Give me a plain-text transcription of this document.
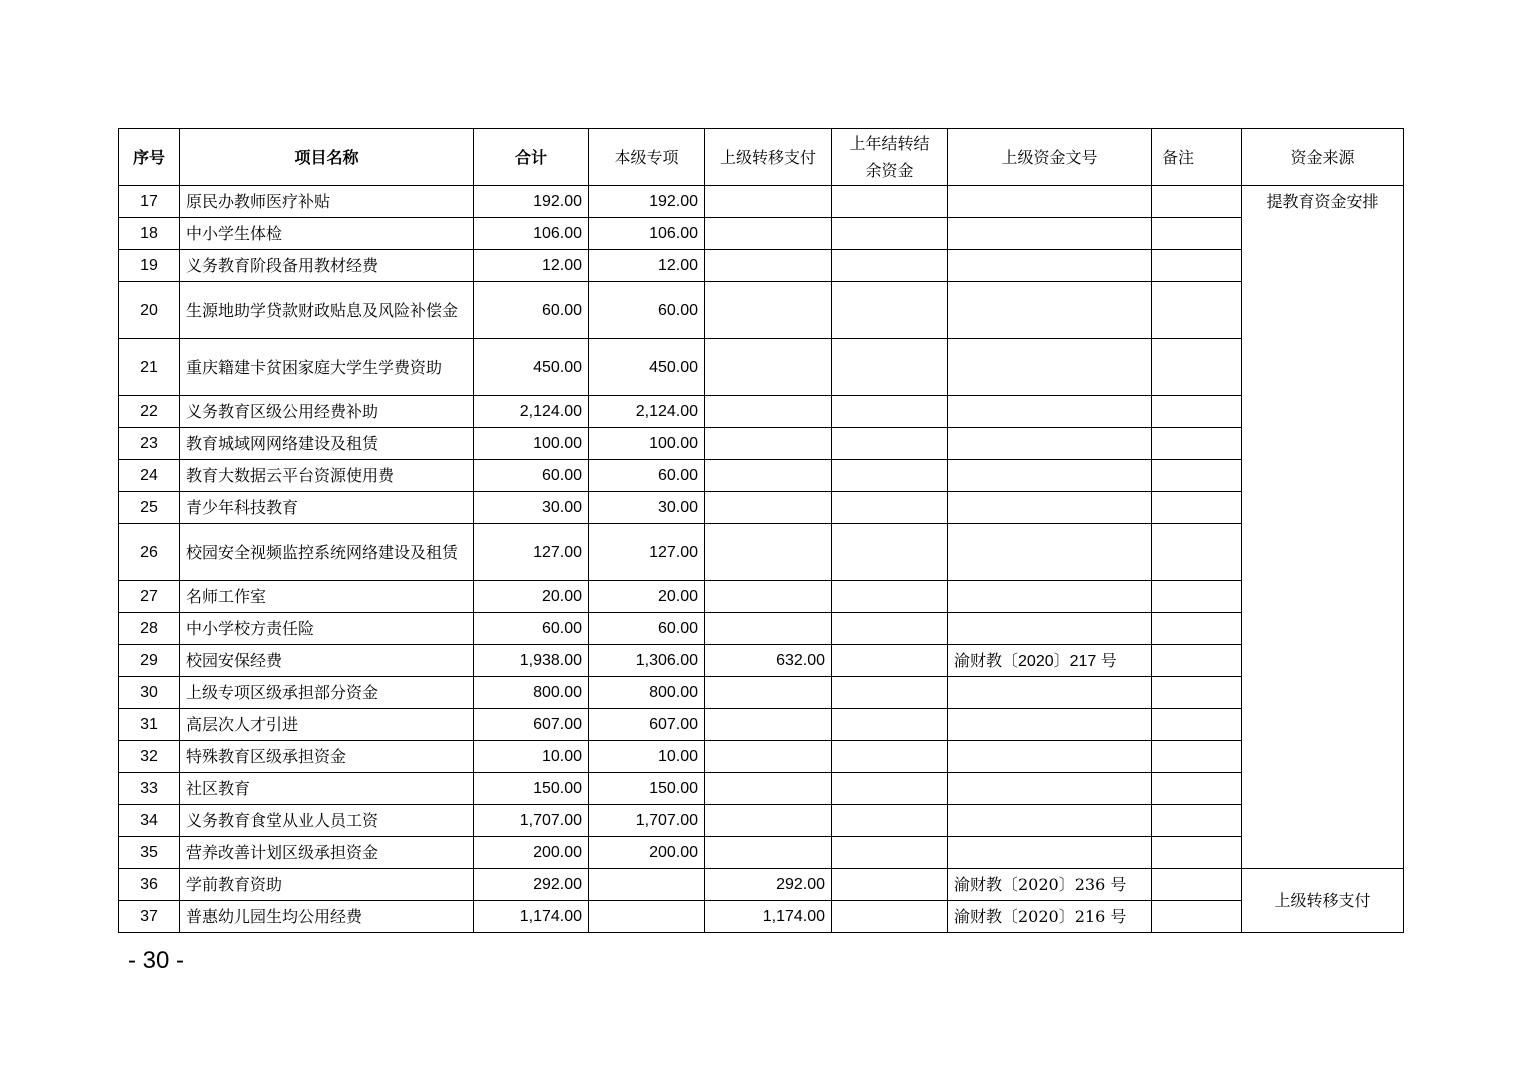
序号	项目名称	合计	本级专项	上级转移支付	上年结转结余资金	上级资金文号	备注	资金来源
17	原民办教师医疗补贴	192.00	192.00					提教育资金安排
18	中小学生体检	106.00	106.00					
19	义务教育阶段备用教材经费	12.00	12.00					
20	生源地助学贷款财政贴息及风险补偿金	60.00	60.00					
21	重庆籍建卡贫困家庭大学生学费资助	450.00	450.00					
22	义务教育区级公用经费补助	2,124.00	2,124.00					
23	教育城域网网络建设及租赁	100.00	100.00					
24	教育大数据云平台资源使用费	60.00	60.00					
25	青少年科技教育	30.00	30.00					
26	校园安全视频监控系统网络建设及租赁	127.00	127.00					
27	名师工作室	20.00	20.00					
28	中小学校方责任险	60.00	60.00					
29	校园安保经费	1,938.00	1,306.00	632.00		渝财教〔2020〕217 号		
30	上级专项区级承担部分资金	800.00	800.00					
31	高层次人才引进	607.00	607.00					
32	特殊教育区级承担资金	10.00	10.00					
33	社区教育	150.00	150.00					
34	义务教育食堂从业人员工资	1,707.00	1,707.00					
35	营养改善计划区级承担资金	200.00	200.00					
36	学前教育资助	292.00		292.00		渝财教〔2020〕236 号		上级转移支付
37	普惠幼儿园生均公用经费	1,174.00		1,174.00		渝财教〔2020〕216 号		
- 30 -
